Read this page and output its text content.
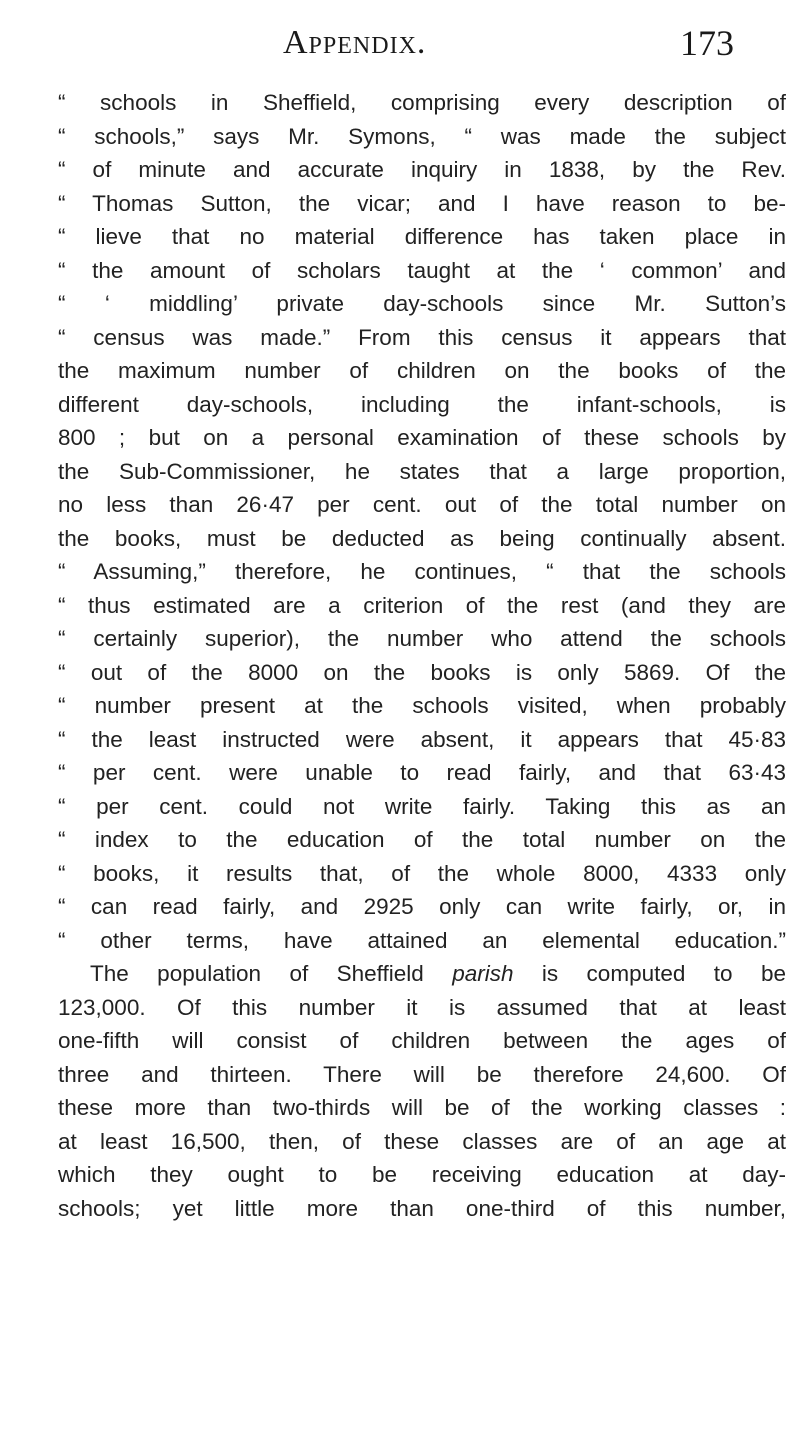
Appendix.	173
“ schools in Sheffield, comprising every description of
“ schools,” says Mr. Symons, “ was made the subject
“ of minute and accurate inquiry in 1838, by the Rev.
“ Thomas Sutton, the vicar; and I have reason to be-
“ lieve that no material difference has taken place in
“ the amount of scholars taught at the ‘ common’ and
“ ‘ middling’ private day-schools since Mr. Sutton’s
“ census was made.” From this census it appears that
the maximum number of children on the books of the
different day-schools, including the infant-schools, is
800 ; but on a personal examination of these schools by
the Sub-Commissioner, he states that a large proportion,
no less than 26·47 per cent. out of the total number on
the books, must be deducted as being continually absent.
“ Assuming,” therefore, he continues, “ that the schools
“ thus estimated are a criterion of the rest (and they are
“ certainly superior), the number who attend the schools
“ out of the 8000 on the books is only 5869. Of the
“ number present at the schools visited, when probably
“ the least instructed were absent, it appears that 45·83
“ per cent. were unable to read fairly, and that 63·43
“ per cent. could not write fairly. Taking this as an
“ index to the education of the total number on the
“ books, it results that, of the whole 8000, 4333 only
“ can read fairly, and 2925 only can write fairly, or, in
“ other terms, have attained an elemental education.”
The population of Sheffield parish is computed to be
123,000. Of this number it is assumed that at least
one-fifth will consist of children between the ages of
three and thirteen. There will be therefore 24,600. Of
these more than two-thirds will be of the working classes :
at least 16,500, then, of these classes are of an age at
which they ought to be receiving education at day-
schools; yet little more than one-third of this number,
